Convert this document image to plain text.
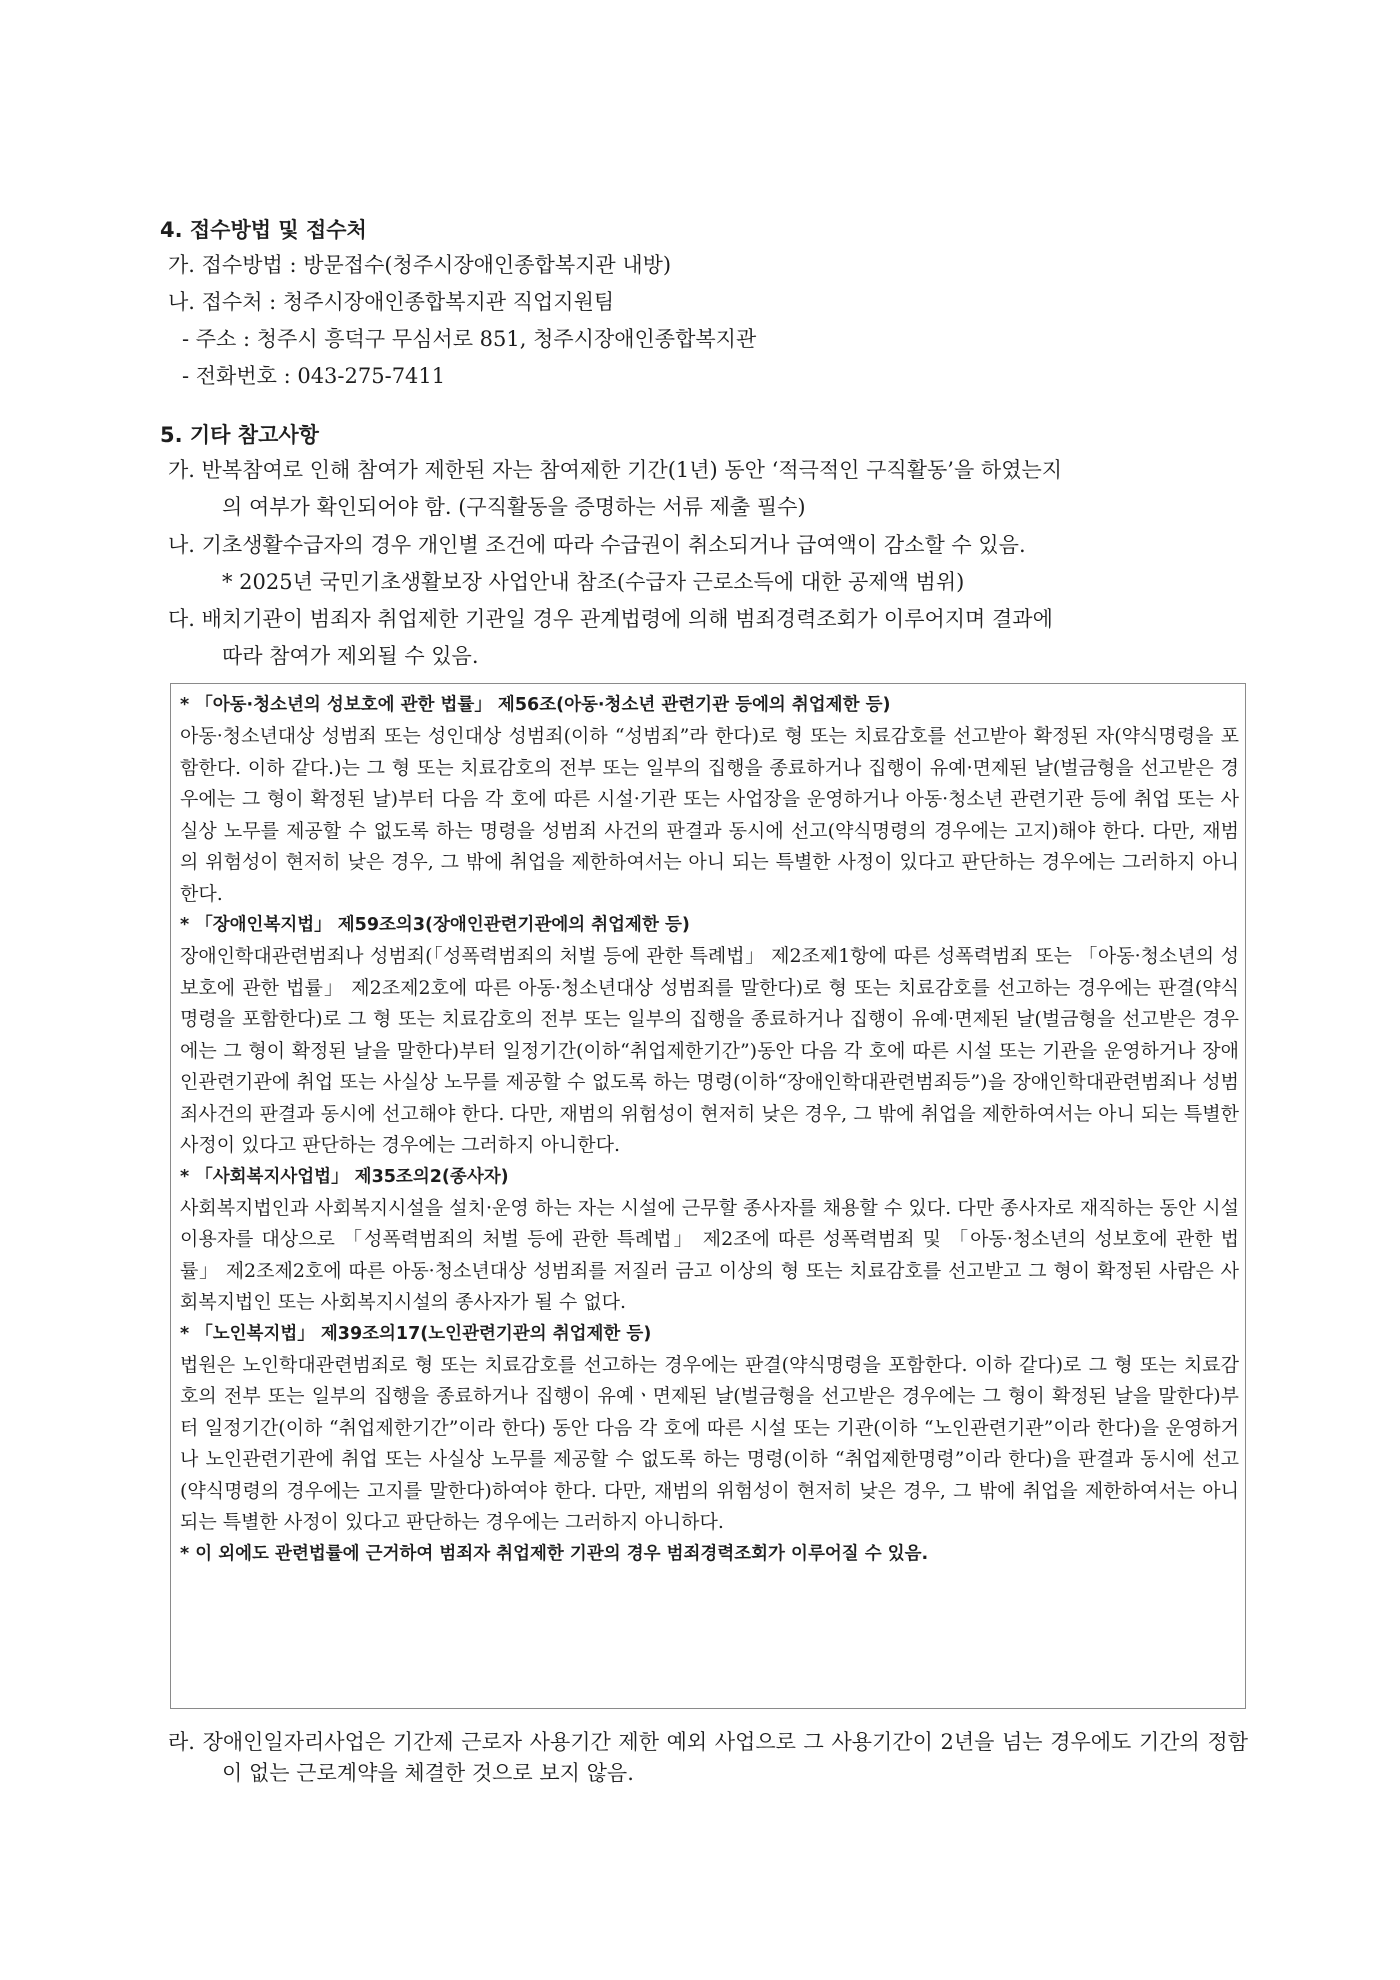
4. 접수방법 및 접수처

가. 접수방법 : 방문접수(청주시장애인종합복지관 내방)

나. 접수처 : 청주시장애인종합복지관 직업지원팀

- 주소 : 청주시 흥덕구 무심서로 851, 청주시장애인종합복지관

- 전화번호 : 043-275-7411

5. 기타 참고사항

가. 반복참여로 인해 참여가 제한된 자는 참여제한 기간(1년) 동안 ‘적극적인 구직활동’을 하였는지

의 여부가 확인되어야 함. (구직활동을 증명하는 서류 제출 필수)

나. 기초생활수급자의 경우 개인별 조건에 따라 수급권이 취소되거나 급여액이 감소할 수 있음.

* 2025년 국민기초생활보장 사업안내 참조(수급자 근로소득에 대한 공제액 범위)

다. 배치기관이 범죄자 취업제한 기관일 경우 관계법령에 의해 범죄경력조회가 이루어지며 결과에

따라 참여가 제외될 수 있음.

* 「아동·청소년의 성보호에 관한 법률」 제56조(아동·청소년 관련기관 등에의 취업제한 등)

아동·청소년대상 성범죄 또는 성인대상 성범죄(이하 “성범죄”라 한다)로 형 또는 치료감호를 선고받아 확정된 자(약식명령을 포함한다. 이하 같다.)는 그 형 또는 치료감호의 전부 또는 일부의 집행을 종료하거나 집행이 유예·면제된 날(벌금형을 선고받은 경우에는 그 형이 확정된 날)부터 다음 각 호에 따른 시설·기관 또는 사업장을 운영하거나 아동·청소년 관련기관 등에 취업 또는 사실상 노무를 제공할 수 없도록 하는 명령을 성범죄 사건의 판결과 동시에 선고(약식명령의 경우에는 고지)해야 한다. 다만, 재범의 위험성이 현저히 낮은 경우, 그 밖에 취업을 제한하여서는 아니 되는 특별한 사정이 있다고 판단하는 경우에는 그러하지 아니한다.

* 「장애인복지법」 제59조의3(장애인관련기관에의 취업제한 등)

장애인학대관련범죄나 성범죄(「성폭력범죄의 처벌 등에 관한 특례법」 제2조제1항에 따른 성폭력범죄 또는 「아동·청소년의 성보호에 관한 법률」 제2조제2호에 따른 아동·청소년대상 성범죄를 말한다)로 형 또는 치료감호를 선고하는 경우에는 판결(약식명령을 포함한다)로 그 형 또는 치료감호의 전부 또는 일부의 집행을 종료하거나 집행이 유예·면제된 날(벌금형을 선고받은 경우에는 그 형이 확정된 날을 말한다)부터 일정기간(이하“취업제한기간”)동안 다음 각 호에 따른 시설 또는 기관을 운영하거나 장애인관련기관에 취업 또는 사실상 노무를 제공할 수 없도록 하는 명령(이하“장애인학대관련범죄등”)을 장애인학대관련범죄나 성범죄사건의 판결과 동시에 선고해야 한다. 다만, 재범의 위험성이 현저히 낮은 경우, 그 밖에 취업을 제한하여서는 아니 되는 특별한 사정이 있다고 판단하는 경우에는 그러하지 아니한다.

* 「사회복지사업법」 제35조의2(종사자)

사회복지법인과 사회복지시설을 설치·운영 하는 자는 시설에 근무할 종사자를 채용할 수 있다. 다만 종사자로 재직하는 동안 시설이용자를 대상으로 「성폭력범죄의 처벌 등에 관한 특례법」 제2조에 따른 성폭력범죄 및 「아동·청소년의 성보호에 관한 법률」 제2조제2호에 따른 아동·청소년대상 성범죄를 저질러 금고 이상의 형 또는 치료감호를 선고받고 그 형이 확정된 사람은 사회복지법인 또는 사회복지시설의 종사자가 될 수 없다.

* 「노인복지법」 제39조의17(노인관련기관의 취업제한 등)

법원은 노인학대관련범죄로 형 또는 치료감호를 선고하는 경우에는 판결(약식명령을 포함한다. 이하 같다)로 그 형 또는 치료감호의 전부 또는 일부의 집행을 종료하거나 집행이 유예ㆍ면제된 날(벌금형을 선고받은 경우에는 그 형이 확정된 날을 말한다)부터 일정기간(이하 “취업제한기간”이라 한다) 동안 다음 각 호에 따른 시설 또는 기관(이하 “노인관련기관”이라 한다)을 운영하거나 노인관련기관에 취업 또는 사실상 노무를 제공할 수 없도록 하는 명령(이하 “취업제한명령”이라 한다)을 판결과 동시에 선고(약식명령의 경우에는 고지를 말한다)하여야 한다. 다만, 재범의 위험성이 현저히 낮은 경우, 그 밖에 취업을 제한하여서는 아니 되는 특별한 사정이 있다고 판단하는 경우에는 그러하지 아니하다.

* 이 외에도 관련법률에 근거하여 범죄자 취업제한 기관의 경우 범죄경력조회가 이루어질 수 있음.

라. 장애인일자리사업은 기간제 근로자 사용기간 제한 예외 사업으로 그 사용기간이 2년을 넘는 경우에도 기간의 정함이 없는 근로계약을 체결한 것으로 보지 않음.
